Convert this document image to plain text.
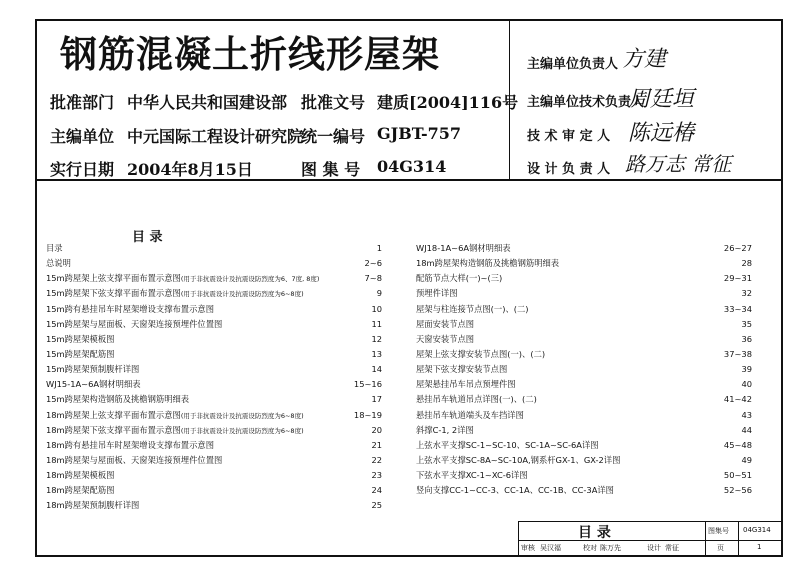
钢筋混凝土折线形屋架
批准部门 中华人民共和国建设部 批准文号 建质[2004]116号
主编单位 中元国际工程设计研究院
统一编号 GJBT-757
实行日期 2004年8月15日	图 集 号 04G314
主编单位负责人 方建
主编单位技术负责人
周廷垣
技 术 审 定 人 陈远椿
设 计 负 责 人 路万志 常征
目 录
目录	1
总说明	2~6
15m跨屋架上弦支撑平面布置示意图(用于非抗震设计及抗震设防烈度为6、7度, 8度)	7~8
15m跨屋架下弦支撑平面布置示意图(用于非抗震设计及抗震设防烈度为6~8度)	9
15m跨有悬挂吊车时屋架增设支撑布置示意图	10
15m跨屋架与屋面板、天窗架连接预埋件位置图	11
15m跨屋架模板图	12
15m跨屋架配筋图	13
15m跨屋架预制腹杆详图	14
WJ15-1A~6A钢材明细表	15~16
15m跨屋架构造钢筋及挑檐钢筋明细表	17
18m跨屋架上弦支撑平面布置示意图(用于非抗震设计及抗震设防烈度为6~8度)	18~19
18m跨屋架下弦支撑平面布置示意图(用于非抗震设计及抗震设防烈度为6~8度)	20
18m跨有悬挂吊车时屋架增设支撑布置示意图	21
18m跨屋架与屋面板、天窗架连接预埋件位置图	22
18m跨屋架模板图	23
18m跨屋架配筋图	24
18m跨屋架预制腹杆详图	25
WJ18-1A~6A钢材明细表	26~27
18m跨屋架构造钢筋及挑檐钢筋明细表	28
配筋节点大样(一)~(三)	29~31
预埋件详图	32
屋架与柱连接节点图(一)、(二)	33~34
屋面安装节点图	35
天窗安装节点图	36
屋架上弦支撑安装节点图(一)、(二)	37~38
屋架下弦支撑安装节点图	39
屋架悬挂吊车吊点预埋件图	40
悬挂吊车轨道吊点详图(一)、(二)	41~42
悬挂吊车轨道端头及车挡详图	43
斜撑C-1, 2详图	44
上弦水平支撑SC-1~SC-10、SC-1A~SC-6A详图	45~48
上弦水平支撑SC-8A~SC-10A,钢系杆GX-1、GX-2详图	49
下弦水平支撑XC-1~XC-6详图	50~51
竖向支撑CC-1~CC-3、CC-1A、CC-1B、CC-3A详图	52~56
目 录	图集号 04G314
审核 吴汉福	校对 陈万先	设计 常征	页	1
